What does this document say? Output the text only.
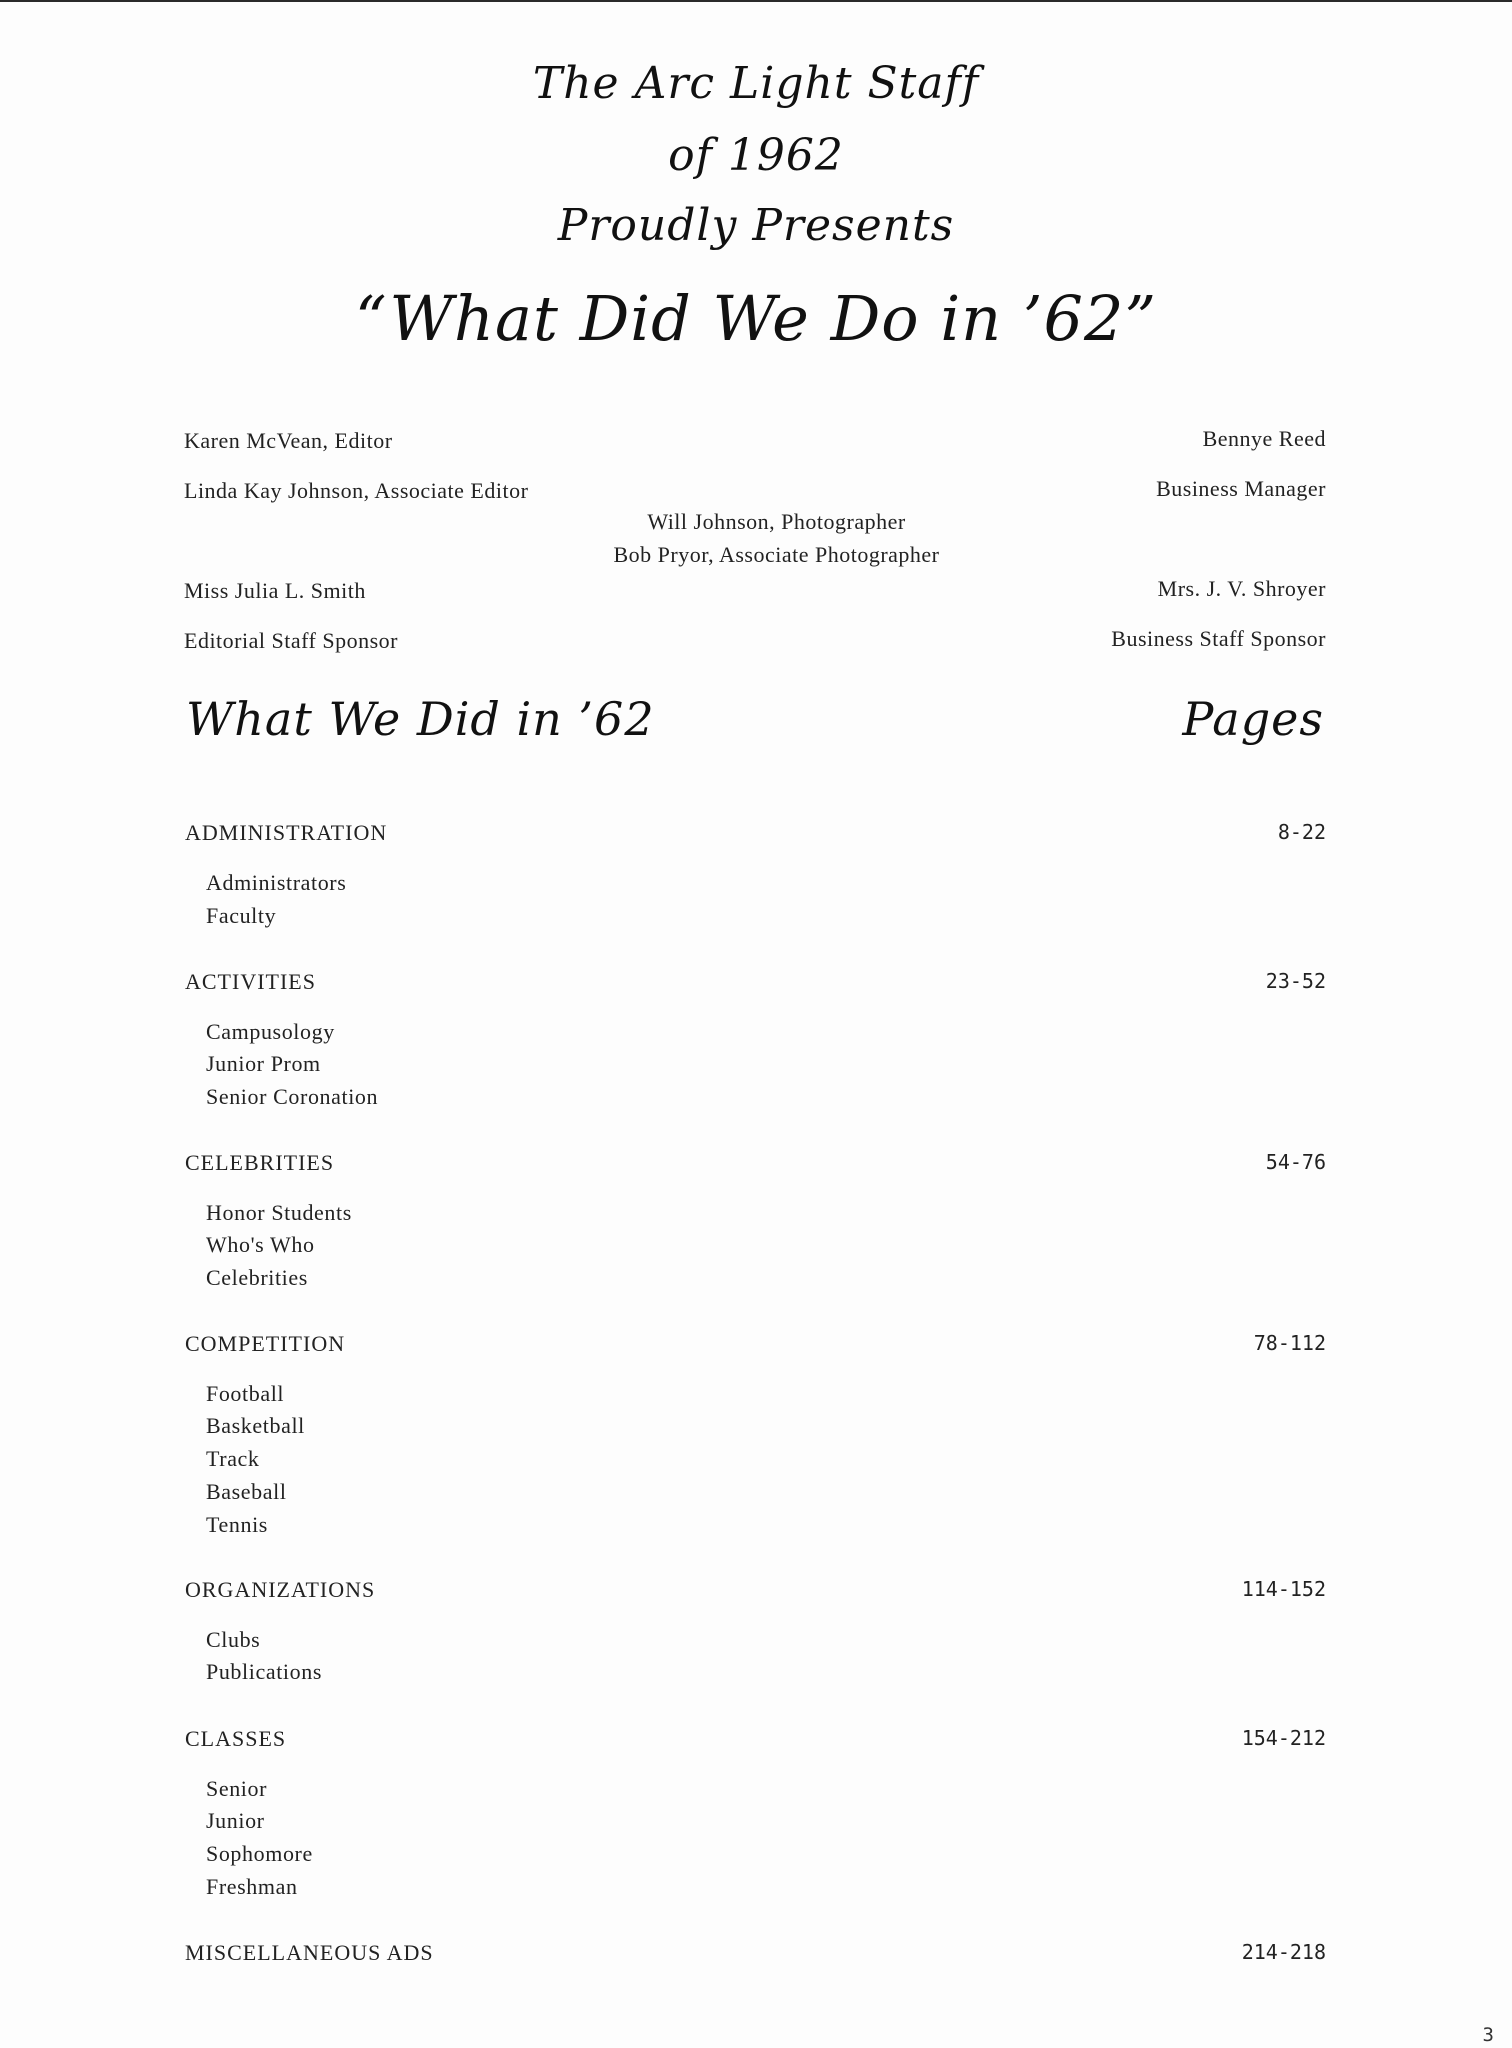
The Arc Light Staff
of 1962
Proudly Presents
“What Did We Do in ’62”
Karen McVean, Editor
Linda Kay Johnson, Associate Editor
Will Johnson, Photographer
Bob Pryor, Associate Photographer
Miss Julia L. Smith
Editorial Staff Sponsor
Bennye Reed
Business Manager
Mrs. J. V. Shroyer
Business Staff Sponsor
What We Did in ’62	Pages
ADMINISTRATION	8-22
Administrators
Faculty
ACTIVITIES	23-52
Campusology
Junior Prom
Senior Coronation
CELEBRITIES	54-76
Honor Students
Who's Who
Celebrities
COMPETITION	78-112
Football
Basketball
Track
Baseball
Tennis
ORGANIZATIONS	114-152
Clubs
Publications
CLASSES	154-212
Senior
Junior
Sophomore
Freshman
MISCELLANEOUS ADS	214-218
3
